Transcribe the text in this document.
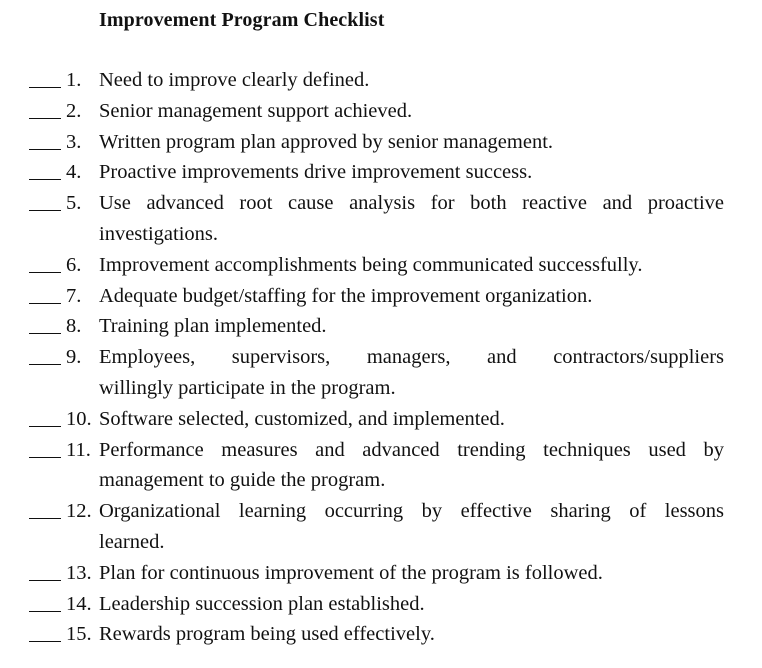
Improvement Program Checklist
1. Need to improve clearly defined.
2. Senior management support achieved.
3. Written program plan approved by senior management.
4. Proactive improvements drive improvement success.
5. Use advanced root cause analysis for both reactive and proactive
investigations.
6. Improvement accomplishments being communicated successfully.
7. Adequate budget/staffing for the improvement organization.
8. Training plan implemented.
9. Employees, supervisors, managers, and contractors/suppliers
willingly participate in the program.
10. Software selected, customized, and implemented.
11. Performance measures and advanced trending techniques used by
management to guide the program.
12. Organizational learning occurring by effective sharing of lessons
learned.
13. Plan for continuous improvement of the program is followed.
14. Leadership succession plan established.
15. Rewards program being used effectively.
